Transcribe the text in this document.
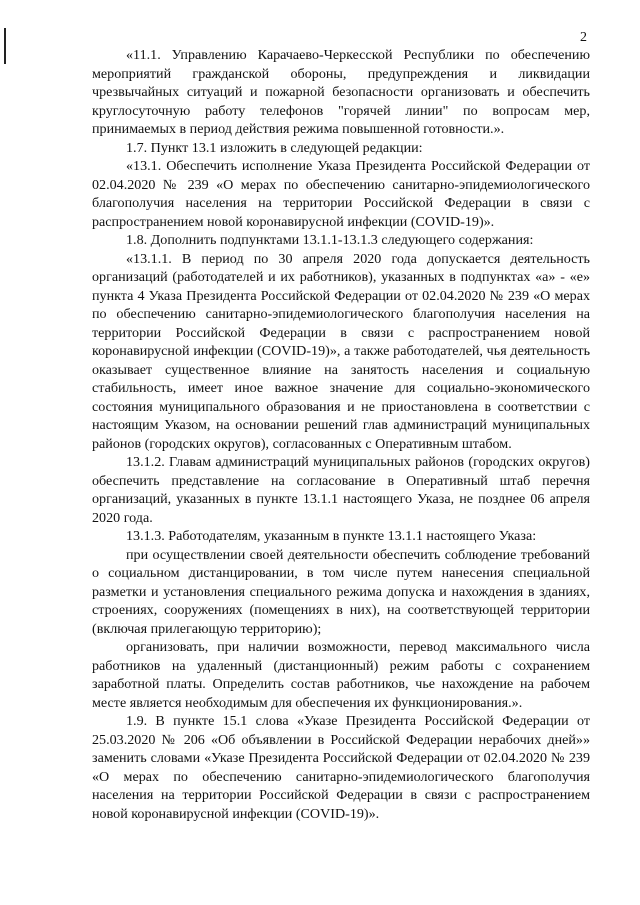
2

«11.1. Управлению Карачаево-Черкесской Республики по обеспечению мероприятий гражданской обороны, предупреждения и ликвидации чрезвычайных ситуаций и пожарной безопасности организовать и обеспечить круглосуточную работу телефонов "горячей линии" по вопросам мер, принимаемых в период действия режима повышенной готовности.».

1.7. Пункт 13.1 изложить в следующей редакции:

«13.1. Обеспечить исполнение Указа Президента Российской Федерации от 02.04.2020 № 239 «О мерах по обеспечению санитарно-эпидемиологического благополучия населения на территории Российской Федерации в связи с распространением новой коронавирусной инфекции (COVID-19)».

1.8. Дополнить подпунктами 13.1.1-13.1.3 следующего содержания:

«13.1.1. В период по 30 апреля 2020 года допускается деятельность организаций (работодателей и их работников), указанных в подпунктах «а» - «е» пункта 4 Указа Президента Российской Федерации от 02.04.2020 № 239 «О мерах по обеспечению санитарно-эпидемиологического благополучия населения на территории Российской Федерации в связи с распространением новой коронавирусной инфекции (COVID-19)», а также работодателей, чья деятельность оказывает существенное влияние на занятость населения и социальную стабильность, имеет иное важное значение для социально-экономического состояния муниципального образования и не приостановлена в соответствии с настоящим Указом, на основании решений глав администраций муниципальных районов (городских округов), согласованных с Оперативным штабом.

13.1.2. Главам администраций муниципальных районов (городских округов) обеспечить представление на согласование в Оперативный штаб перечня организаций, указанных в пункте 13.1.1 настоящего Указа, не позднее 06 апреля 2020 года.

13.1.3. Работодателям, указанным в пункте 13.1.1 настоящего Указа:

при осуществлении своей деятельности обеспечить соблюдение требований о социальном дистанцировании, в том числе путем нанесения специальной разметки и установления специального режима допуска и нахождения в зданиях, строениях, сооружениях (помещениях в них), на соответствующей территории (включая прилегающую территорию);

организовать, при наличии возможности, перевод максимального числа работников на удаленный (дистанционный) режим работы с сохранением заработной платы. Определить состав работников, чье нахождение на рабочем месте является необходимым для обеспечения их функционирования.».

1.9. В пункте 15.1 слова «Указе Президента Российской Федерации от 25.03.2020 № 206 «Об объявлении в Российской Федерации нерабочих дней»» заменить словами «Указе Президента Российской Федерации от 02.04.2020 № 239 «О мерах по обеспечению санитарно-эпидемиологического благополучия населения на территории Российской Федерации в связи с распространением новой коронавирусной инфекции (COVID-19)».
